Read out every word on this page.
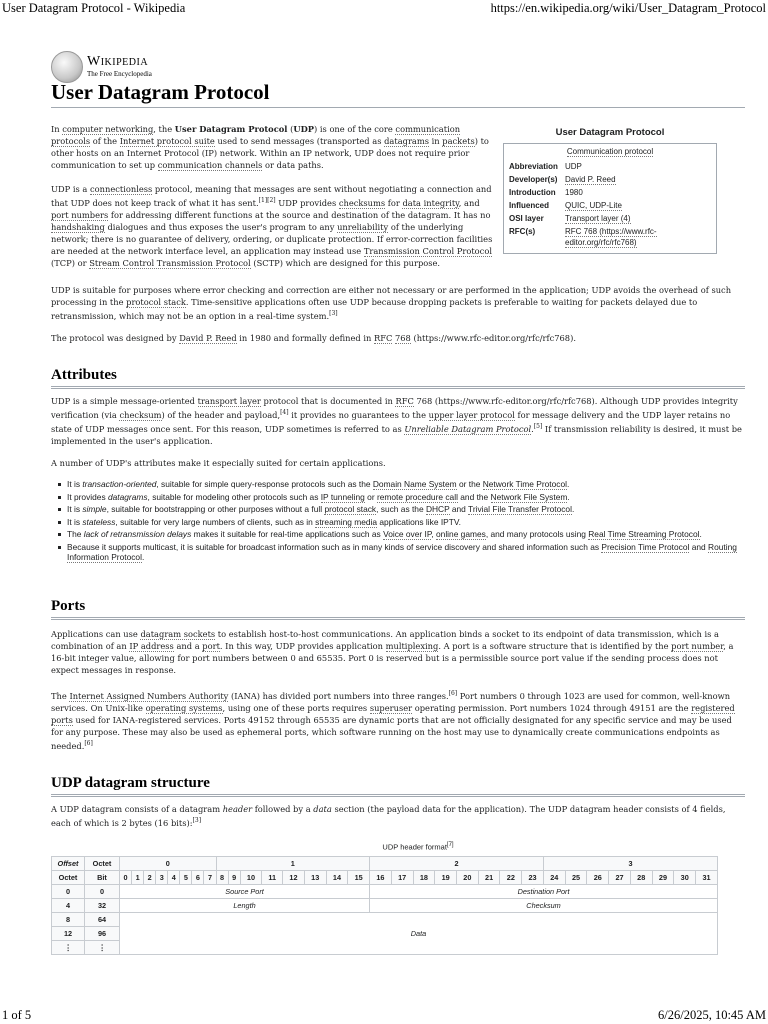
User Datagram Protocol - Wikipedia	https://en.wikipedia.org/wiki/User_Datagram_Protocol
Wikipedia
The Free Encyclopedia
User Datagram Protocol

In computer networking, the User Datagram Protocol (UDP) is one of the core communication protocols of the Internet protocol suite used to send messages (transported as datagrams in packets) to other hosts on an Internet Protocol (IP) network. Within an IP network, UDP does not require prior communication to set up communication channels or data paths.

UDP is a connectionless protocol, meaning that messages are sent without negotiating a connection and that UDP does not keep track of what it has sent.[1][2] UDP provides checksums for data integrity, and port numbers for addressing different functions at the source and destination of the datagram. It has no handshaking dialogues and thus exposes the user's program to any unreliability of the underlying network; there is no guarantee of delivery, ordering, or duplicate protection. If error-correction facilities are needed at the network interface level, an application may instead use Transmission Control Protocol (TCP) or Stream Control Transmission Protocol (SCTP) which are designed for this purpose.

User Datagram Protocol
Communication protocol
Abbreviation	UDP
Developer(s)	David P. Reed
Introduction	1980
Influenced	QUIC, UDP-Lite
OSI layer	Transport layer (4)
RFC(s)	RFC 768 (https://www.rfc-editor.org/rfc/rfc768)

UDP is suitable for purposes where error checking and correction are either not necessary or are performed in the application; UDP avoids the overhead of such processing in the protocol stack. Time-sensitive applications often use UDP because dropping packets is preferable to waiting for packets delayed due to retransmission, which may not be an option in a real-time system.[3]

The protocol was designed by David P. Reed in 1980 and formally defined in RFC 768 (https://www.rfc-editor.org/rfc/rfc768).

Attributes

UDP is a simple message-oriented transport layer protocol that is documented in RFC 768 (https://www.rfc-editor.org/rfc/rfc768). Although UDP provides integrity verification (via checksum) of the header and payload,[4] it provides no guarantees to the upper layer protocol for message delivery and the UDP layer retains no state of UDP messages once sent. For this reason, UDP sometimes is referred to as Unreliable Datagram Protocol.[5] If transmission reliability is desired, it must be implemented in the user's application.

A number of UDP's attributes make it especially suited for certain applications.

It is transaction-oriented, suitable for simple query-response protocols such as the Domain Name System or the Network Time Protocol.
It provides datagrams, suitable for modeling other protocols such as IP tunneling or remote procedure call and the Network File System.
It is simple, suitable for bootstrapping or other purposes without a full protocol stack, such as the DHCP and Trivial File Transfer Protocol.
It is stateless, suitable for very large numbers of clients, such as in streaming media applications like IPTV.
The lack of retransmission delays makes it suitable for real-time applications such as Voice over IP, online games, and many protocols using Real Time Streaming Protocol.
Because it supports multicast, it is suitable for broadcast information such as in many kinds of service discovery and shared information such as Precision Time Protocol and Routing Information Protocol.
Ports

Applications can use datagram sockets to establish host-to-host communications. An application binds a socket to its endpoint of data transmission, which is a combination of an IP address and a port. In this way, UDP provides application multiplexing. A port is a software structure that is identified by the port number, a 16-bit integer value, allowing for port numbers between 0 and 65535. Port 0 is reserved but is a permissible source port value if the sending process does not expect messages in response.

The Internet Assigned Numbers Authority (IANA) has divided port numbers into three ranges.[6] Port numbers 0 through 1023 are used for common, well-known services. On Unix-like operating systems, using one of these ports requires superuser operating permission. Port numbers 1024 through 49151 are the registered ports used for IANA-registered services. Ports 49152 through 65535 are dynamic ports that are not officially designated for any specific service and may be used for any purpose. These may also be used as ephemeral ports, which software running on the host may use to dynamically create communications endpoints as needed.[6]

UDP datagram structure

A UDP datagram consists of a datagram header followed by a data section (the payload data for the application). The UDP datagram header consists of 4 fields, each of which is 2 bytes (16 bits):[3]

UDP header format[7]
Offset	Octet	0								1								2								3							
Octet	Bit	0	1	2	3	4	5	6	7	8	9	10	11	12	13	14	15	16	17	18	19	20	21	22	23	24	25	26	27	28	29	30	31
0	0	Source Port																Destination Port															
4	32	Length																Checksum															
8	64	Data																															
12	96																																
⋮	⋮																																
1 of 5	6/26/2025, 10:45 AM
